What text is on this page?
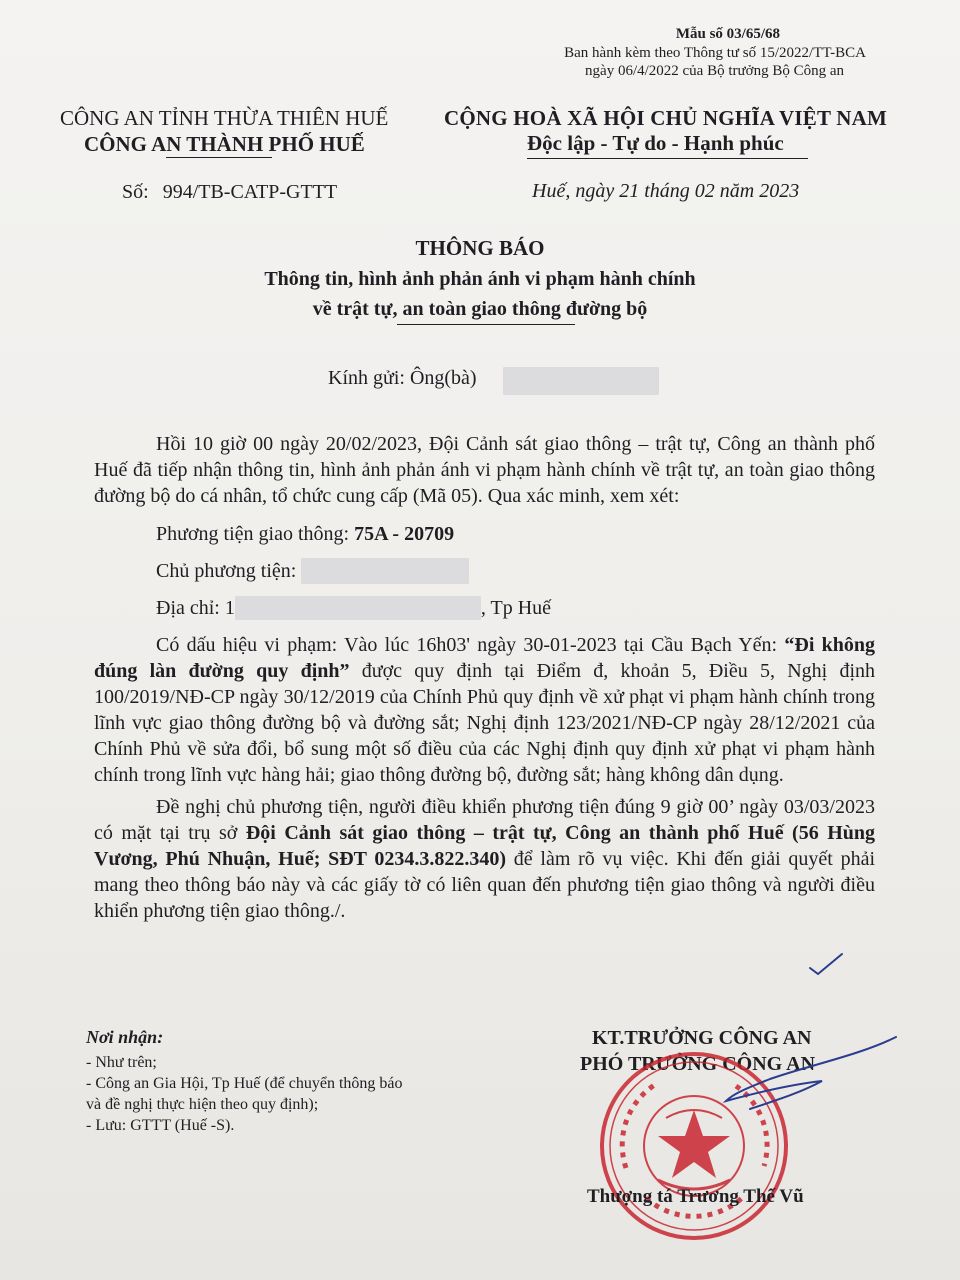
Mẫu số 03/65/68
Ban hành kèm theo Thông tư số 15/2022/TT-BCA
ngày 06/4/2022 của Bộ trưởng Bộ Công an
CÔNG AN TỈNH THỪA THIÊN HUẾ
CÔNG AN THÀNH PHỐ HUẾ
CỘNG HOÀ XÃ HỘI CHỦ NGHĨA VIỆT NAM
Độc lập - Tự do - Hạnh phúc
Số: 994/TB-CATP-GTTT	Huế, ngày 21 tháng 02 năm 2023
THÔNG BÁO
Thông tin, hình ảnh phản ánh vi phạm hành chính
về trật tự, an toàn giao thông đường bộ
Kính gửi: Ông(bà)

Hồi 10 giờ 00 ngày 20/02/2023, Đội Cảnh sát giao thông – trật tự, Công an thành phố Huế đã tiếp nhận thông tin, hình ảnh phản ánh vi phạm hành chính về trật tự, an toàn giao thông đường bộ do cá nhân, tổ chức cung cấp (Mã 05). Qua xác minh, xem xét:

Phương tiện giao thông: 75A - 20709

Chủ phương tiện:

Địa chỉ: 1	, Tp Huế

Có dấu hiệu vi phạm: Vào lúc 16h03' ngày 30-01-2023 tại Cầu Bạch Yến: “Đi không đúng làn đường quy định” được quy định tại Điểm đ, khoản 5, Điều 5, Nghị định 100/2019/NĐ-CP ngày 30/12/2019 của Chính Phủ quy định về xử phạt vi phạm hành chính trong lĩnh vực giao thông đường bộ và đường sắt; Nghị định 123/2021/NĐ-CP ngày 28/12/2021 của Chính Phủ về sửa đổi, bổ sung một số điều của các Nghị định quy định xử phạt vi phạm hành chính trong lĩnh vực hàng hải; giao thông đường bộ, đường sắt; hàng không dân dụng.

Đề nghị chủ phương tiện, người điều khiển phương tiện đúng 9 giờ 00’ ngày 03/03/2023 có mặt tại trụ sở Đội Cảnh sát giao thông – trật tự, Công an thành phố Huế (56 Hùng Vương, Phú Nhuận, Huế; SĐT 0234.3.822.340) để làm rõ vụ việc. Khi đến giải quyết phải mang theo thông báo này và các giấy tờ có liên quan đến phương tiện giao thông và người điều khiển phương tiện giao thông./.

Nơi nhận:
- Như trên;
- Công an Gia Hội, Tp Huế (để chuyển thông báo
và đề nghị thực hiện theo quy định);
- Lưu: GTTT (Huế -S).
KT.TRƯỞNG CÔNG AN
PHÓ TRƯỞNG CÔNG AN
Thượng tá Trương Thế Vũ
